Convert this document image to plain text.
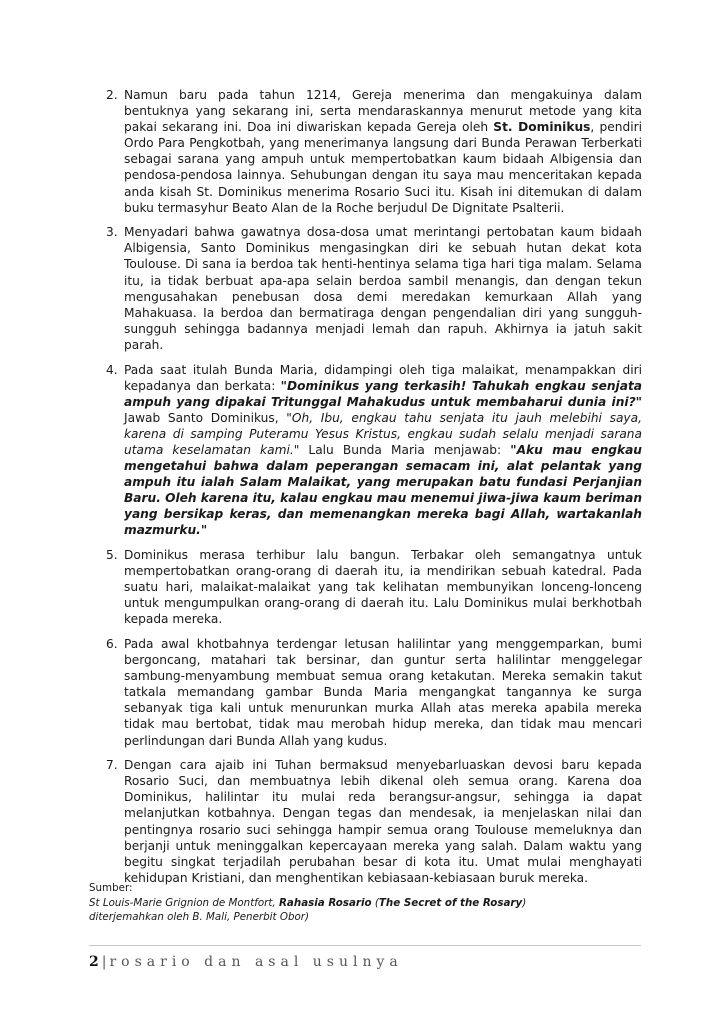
2. Namun baru pada tahun 1214, Gereja menerima dan mengakuinya dalam bentuknya yang sekarang ini, serta mendaraskannya menurut metode yang kita pakai sekarang ini. Doa ini diwariskan kepada Gereja oleh St. Dominikus, pendiri Ordo Para Pengkotbah, yang menerimanya langsung dari Bunda Perawan Terberkati sebagai sarana yang ampuh untuk mempertobatkan kaum bidaah Albigensia dan pendosa-pendosa lainnya. Sehubungan dengan itu saya mau menceritakan kepada anda kisah St. Dominikus menerima Rosario Suci itu. Kisah ini ditemukan di dalam buku termasyhur Beato Alan de la Roche berjudul De Dignitate Psalterii.

3. Menyadari bahwa gawatnya dosa-dosa umat merintangi pertobatan kaum bidaah Albigensia, Santo Dominikus mengasingkan diri ke sebuah hutan dekat kota Toulouse. Di sana ia berdoa tak henti-hentinya selama tiga hari tiga malam. Selama itu, ia tidak berbuat apa-apa selain berdoa sambil menangis, dan dengan tekun mengusahakan penebusan dosa demi meredakan kemurkaan Allah yang Mahakuasa. Ia berdoa dan bermatiraga dengan pengendalian diri yang sungguh-sungguh sehingga badannya menjadi lemah dan rapuh. Akhirnya ia jatuh sakit parah.

4. Pada saat itulah Bunda Maria, didampingi oleh tiga malaikat, menampakkan diri kepadanya dan berkata: "Dominikus yang terkasih! Tahukah engkau senjata ampuh yang dipakai Tritunggal Mahakudus untuk membaharui dunia ini?" Jawab Santo Dominikus, "Oh, Ibu, engkau tahu senjata itu jauh melebihi saya, karena di samping Puteramu Yesus Kristus, engkau sudah selalu menjadi sarana utama keselamatan kami." Lalu Bunda Maria menjawab: "Aku mau engkau mengetahui bahwa dalam peperangan semacam ini, alat pelantak yang ampuh itu ialah Salam Malaikat, yang merupakan batu fundasi Perjanjian Baru. Oleh karena itu, kalau engkau mau menemui jiwa-jiwa kaum beriman yang bersikap keras, dan memenangkan mereka bagi Allah, wartakanlah mazmurku."

5. Dominikus merasa terhibur lalu bangun. Terbakar oleh semangatnya untuk mempertobatkan orang-orang di daerah itu, ia mendirikan sebuah katedral. Pada suatu hari, malaikat-malaikat yang tak kelihatan membunyikan lonceng-lonceng untuk mengumpulkan orang-orang di daerah itu. Lalu Dominikus mulai berkhotbah kepada mereka.

6. Pada awal khotbahnya terdengar letusan halilintar yang menggemparkan, bumi bergoncang, matahari tak bersinar, dan guntur serta halilintar menggelegar sambung-menyambung membuat semua orang ketakutan. Mereka semakin takut tatkala memandang gambar Bunda Maria mengangkat tangannya ke surga sebanyak tiga kali untuk menurunkan murka Allah atas mereka apabila mereka tidak mau bertobat, tidak mau merobah hidup mereka, dan tidak mau mencari perlindungan dari Bunda Allah yang kudus.

7. Dengan cara ajaib ini Tuhan bermaksud menyebarluaskan devosi baru kepada Rosario Suci, dan membuatnya lebih dikenal oleh semua orang. Karena doa Dominikus, halilintar itu mulai reda berangsur-angsur, sehingga ia dapat melanjutkan kotbahnya. Dengan tegas dan mendesak, ia menjelaskan nilai dan pentingnya rosario suci sehingga hampir semua orang Toulouse memeluknya dan berjanji untuk meninggalkan kepercayaan mereka yang salah. Dalam waktu yang begitu singkat terjadilah perubahan besar di kota itu. Umat mulai menghayati kehidupan Kristiani, dan menghentikan kebiasaan-kebiasaan buruk mereka.

Sumber:
St Louis-Marie Grignion de Montfort, Rahasia Rosario (The Secret of the Rosary)
diterjemahkan oleh B. Mali, Penerbit Obor)
2 | rosario dan asal usulnya
